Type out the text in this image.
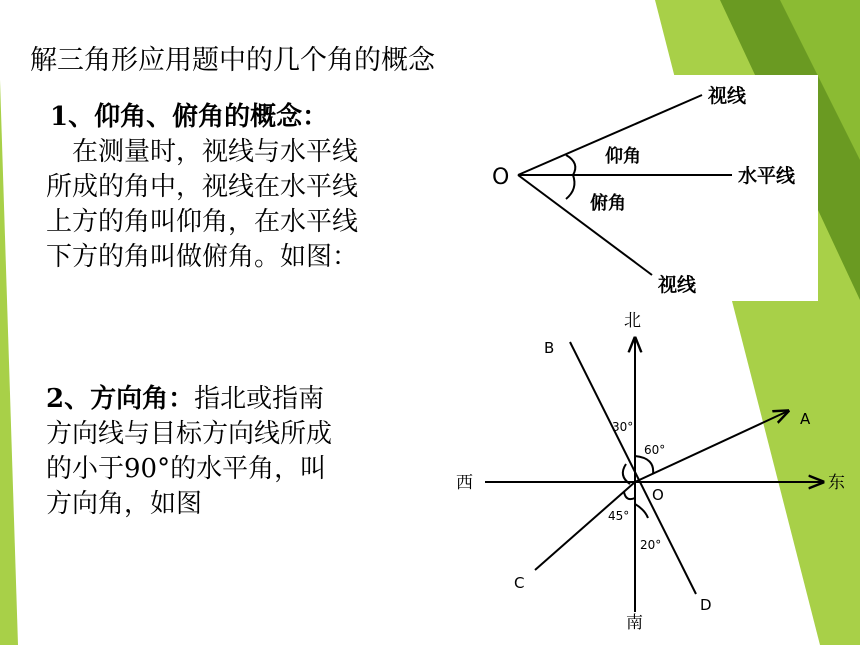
解三角形应用题中的几个角的概念
1、仰角、俯角的概念：
在测量时，视线与水平线
所成的角中，视线在水平线
上方的角叫仰角，在水平线
下方的角叫做俯角。如图：
2、方向角：指北或指南
方向线与目标方向线所成
的小于90°的水平角，叫
方向角，如图
O
视线
仰角
水平线
俯角
视线
北
南
东
西
O
A
B
C
D
30°
60°
45°
20°
